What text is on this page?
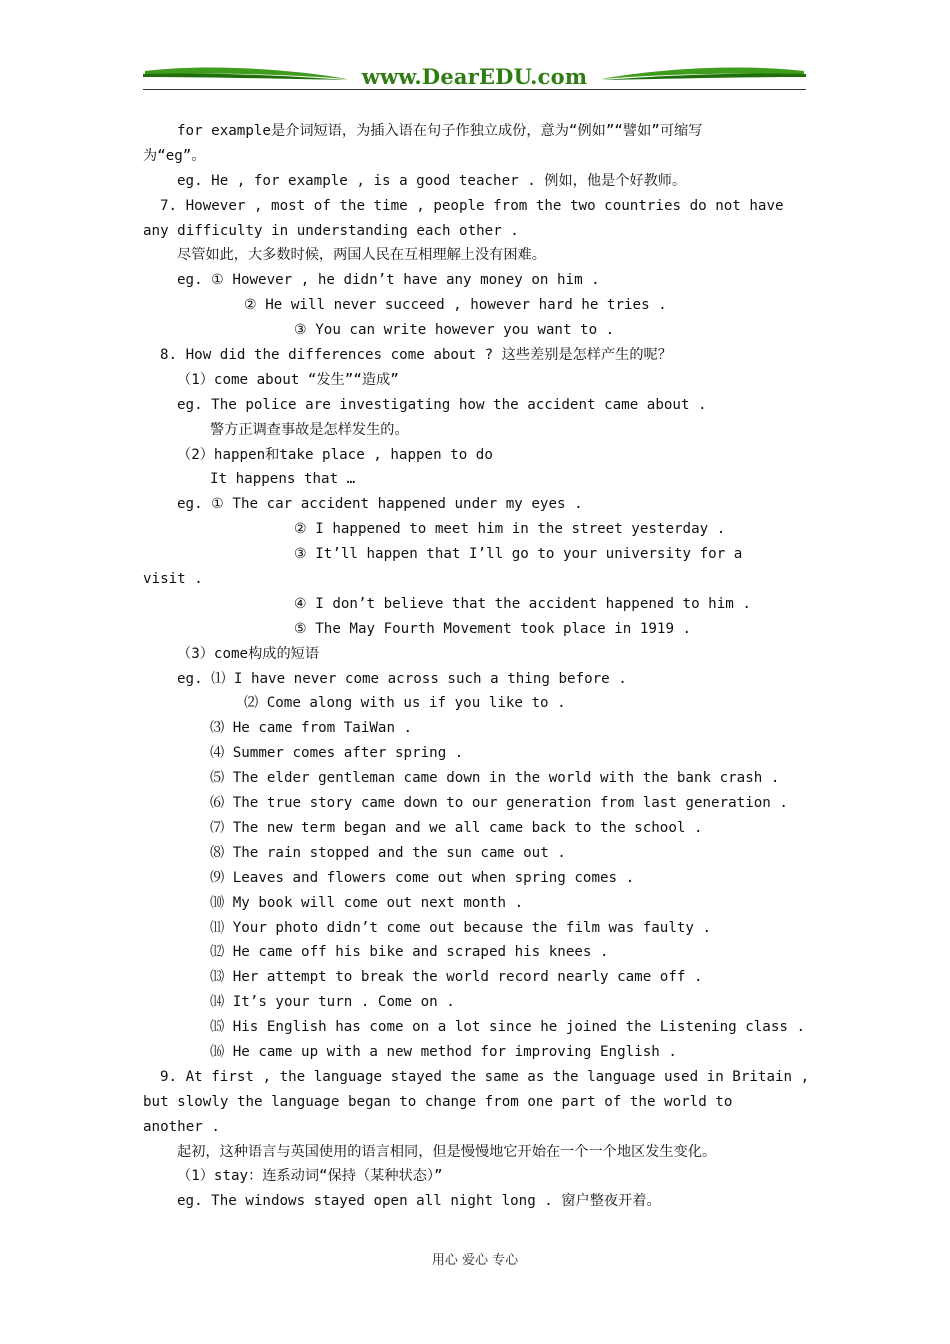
www.DearEDU.com
for example是介词短语，为插入语在句子作独立成份，意为“例如”“譬如”可缩写
为“eg”。
eg. He , for example , is a good teacher . 例如，他是个好教师。
7. However , most of the time , people from the two countries do not have
any difficulty in understanding each other .
尽管如此，大多数时候，两国人民在互相理解上没有困难。
eg. ① However , he didn’t have any money on him .
② He will never succeed , however hard he tries .
③ You can write however you want to .
8. How did the differences come about ? 这些差别是怎样产生的呢？
（1）come about “发生”“造成”
eg. The police are investigating how the accident came about .
警方正调查事故是怎样发生的。
（2）happen和take place , happen to do
It happens that …
eg. ① The car accident happened under my eyes .
② I happened to meet him in the street yesterday .
③ It’ll happen that I’ll go to your university for a
visit .
④ I don’t believe that the accident happened to him .
⑤ The May Fourth Movement took place in 1919 .
（3）come构成的短语
eg. ⑴ I have never come across such a thing before .
⑵ Come along with us if you like to .
⑶ He came from TaiWan .
⑷ Summer comes after spring .
⑸ The elder gentleman came down in the world with the bank crash .
⑹ The true story came down to our generation from last generation .
⑺ The new term began and we all came back to the school .
⑻ The rain stopped and the sun came out .
⑼ Leaves and flowers come out when spring comes .
⑽ My book will come out next month .
⑾ Your photo didn’t come out because the film was faulty .
⑿ He came off his bike and scraped his knees .
⒀ Her attempt to break the world record nearly came off .
⒁ It’s your turn . Come on .
⒂ His English has come on a lot since he joined the Listening class .
⒃ He came up with a new method for improving English .
9. At first , the language stayed the same as the language used in Britain ,
but slowly the language began to change from one part of the world to
another .
起初，这种语言与英国使用的语言相同，但是慢慢地它开始在一个一个地区发生变化。
（1）stay：连系动词“保持（某种状态）”
eg. The windows stayed open all night long . 窗户整夜开着。
用心 爱心 专心
